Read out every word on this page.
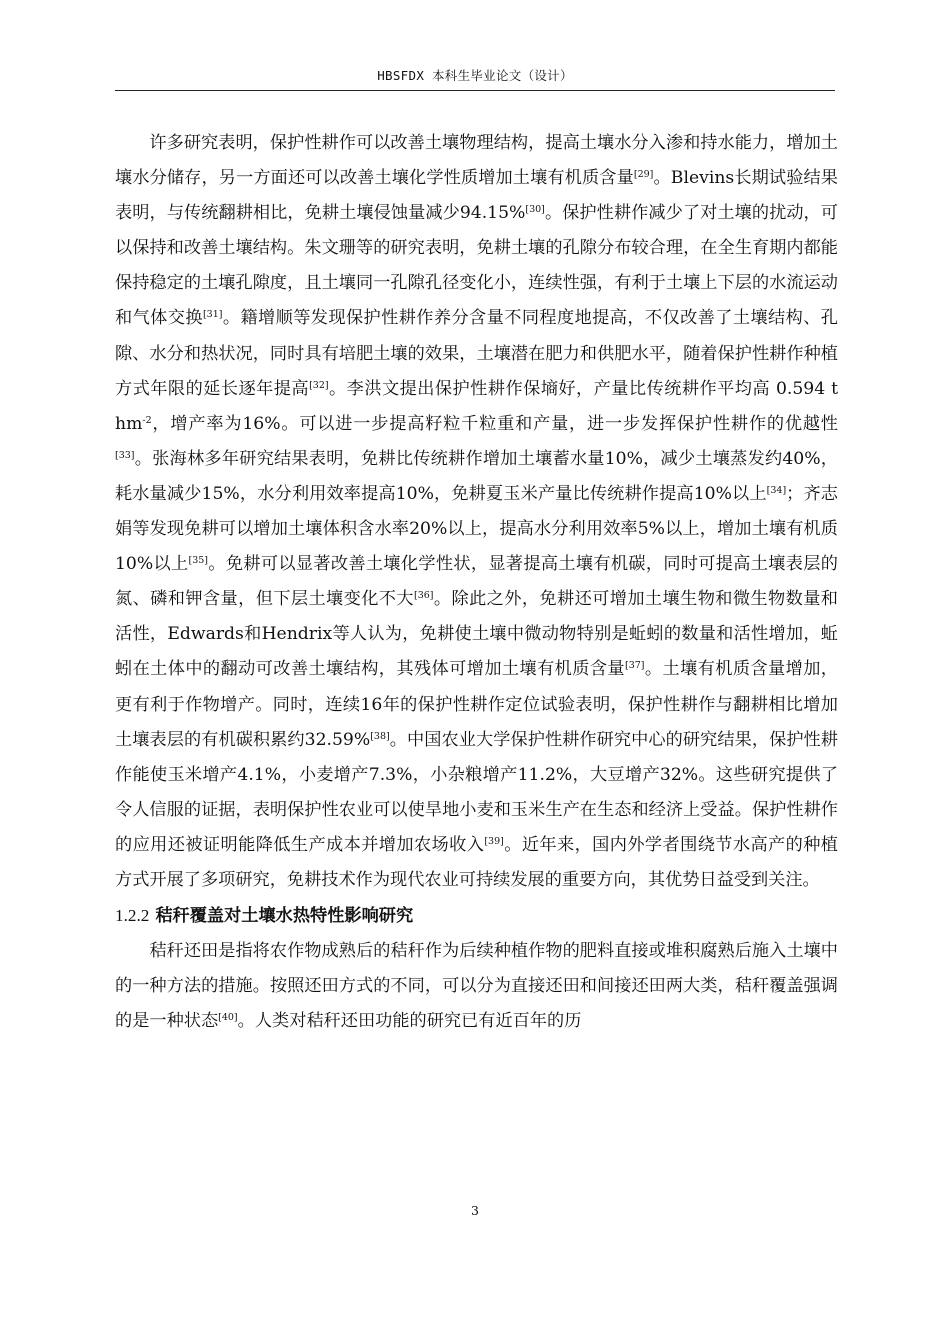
HBSFDX 本科生毕业论文（设计）

许多研究表明，保护性耕作可以改善土壤物理结构，提高土壤水分入渗和持水能力，增加土壤水分储存，另一方面还可以改善土壤化学性质增加土壤有机质含量[29]。Blevins长期试验结果表明，与传统翻耕相比，免耕土壤侵蚀量减少94.15%[30]。保护性耕作减少了对土壤的扰动，可以保持和改善土壤结构。朱文珊等的研究表明，免耕土壤的孔隙分布较合理，在全生育期内都能保持稳定的土壤孔隙度，且土壤同一孔隙孔径变化小，连续性强，有利于土壤上下层的水流运动和气体交换[31]。籍增顺等发现保护性耕作养分含量不同程度地提高，不仅改善了土壤结构、孔隙、水分和热状况，同时具有培肥土壤的效果，土壤潜在肥力和供肥水平，随着保护性耕作种植方式年限的延长逐年提高[32]。李洪文提出保护性耕作保墒好，产量比传统耕作平均高 0.594 t $hm^{-2}$，增产率为16%。可以进一步提高籽粒千粒重和产量，进一步发挥保护性耕作的优越性[33]。张海林多年研究结果表明，免耕比传统耕作增加土壤蓄水量10%，减少土壤蒸发约40%，耗水量减少15%，水分利用效率提高10%，免耕夏玉米产量比传统耕作提高10%以上[34]；齐志娟等发现免耕可以增加土壤体积含水率20%以上，提高水分利用效率5%以上，增加土壤有机质10%以上[35]。免耕可以显著改善土壤化学性状，显著提高土壤有机碳，同时可提高土壤表层的氮、磷和钾含量，但下层土壤变化不大[36]。除此之外，免耕还可增加土壤生物和微生物数量和活性，Edwards和Hendrix等人认为，免耕使土壤中微动物特别是蚯蚓的数量和活性增加，蚯蚓在土体中的翻动可改善土壤结构，其残体可增加土壤有机质含量[37]。土壤有机质含量增加，更有利于作物增产。同时，连续16年的保护性耕作定位试验表明，保护性耕作与翻耕相比增加土壤表层的有机碳积累约32.59%[38]。中国农业大学保护性耕作研究中心的研究结果，保护性耕作能使玉米增产4.1%，小麦增产7.3%，小杂粮增产11.2%，大豆增产32%。这些研究提供了令人信服的证据，表明保护性农业可以使旱地小麦和玉米生产在生态和经济上受益。保护性耕作的应用还被证明能降低生产成本并增加农场收入[39]。近年来，国内外学者围绕节水高产的种植方式开展了多项研究，免耕技术作为现代农业可持续发展的重要方向，其优势日益受到关注。

1.2.2 秸秆覆盖对土壤水热特性影响研究

秸秆还田是指将农作物成熟后的秸秆作为后续种植作物的肥料直接或堆积腐熟后施入土壤中的一种方法的措施。按照还田方式的不同，可以分为直接还田和间接还田两大类，秸秆覆盖强调的是一种状态[40]。人类对秸秆还田功能的研究已有近百年的历

3
